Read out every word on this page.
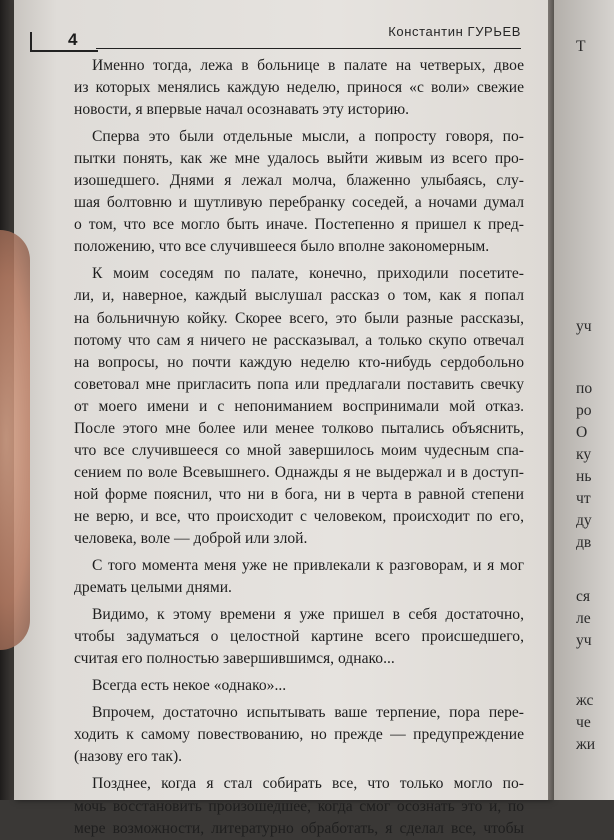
4	Константин ГУРЬЕВ
Именно тогда, лежа в больнице в палате на четверых, двое
из которых менялись каждую неделю, принося «с воли» свежие
новости, я впервые начал осознавать эту историю.
Сперва это были отдельные мысли, а попросту говоря, по-
пытки понять, как же мне удалось выйти живым из всего про-
изошедшего. Днями я лежал молча, блаженно улыбаясь, слу-
шая болтовню и шутливую перебранку соседей, а ночами думал
о том, что все могло быть иначе. Постепенно я пришел к пред-
положению, что все случившееся было вполне закономерным.
К моим соседям по палате, конечно, приходили посетите-
ли, и, наверное, каждый выслушал рассказ о том, как я попал
на больничную койку. Скорее всего, это были разные рассказы,
потому что сам я ничего не рассказывал, а только скупо отвечал
на вопросы, но почти каждую неделю кто-нибудь сердобольно
советовал мне пригласить попа или предлагали поставить свечку
от моего имени и с непониманием воспринимали мой отказ.
После этого мне более или менее толково пытались объяснить,
что все случившееся со мной завершилось моим чудесным спа-
сением по воле Всевышнего. Однажды я не выдержал и в доступ-
ной форме пояснил, что ни в бога, ни в черта в равной степени
не верю, и все, что происходит с человеком, происходит по его,
человека, воле — доброй или злой.
С того момента меня уже не привлекали к разговорам, и я мог
дремать целыми днями.
Видимо, к этому времени я уже пришел в себя достаточно,
чтобы задуматься о целостной картине всего происшедшего,
считая его полностью завершившимся, однако...
Всегда есть некое «однако»...
Впрочем, достаточно испытывать ваше терпение, пора пере-
ходить к самому повествованию, но прежде — предупреждение
(назову его так).
Позднее, когда я стал собирать все, что только могло по-
мочь восстановить произошедшее, когда смог осознать это и, по
мере возможности, литературно обработать, я сделал все, чтобы
Т
уч
по
ро
О
ку
нь
чт
ду
дв
ся
ле
уч
жс
че
жи
